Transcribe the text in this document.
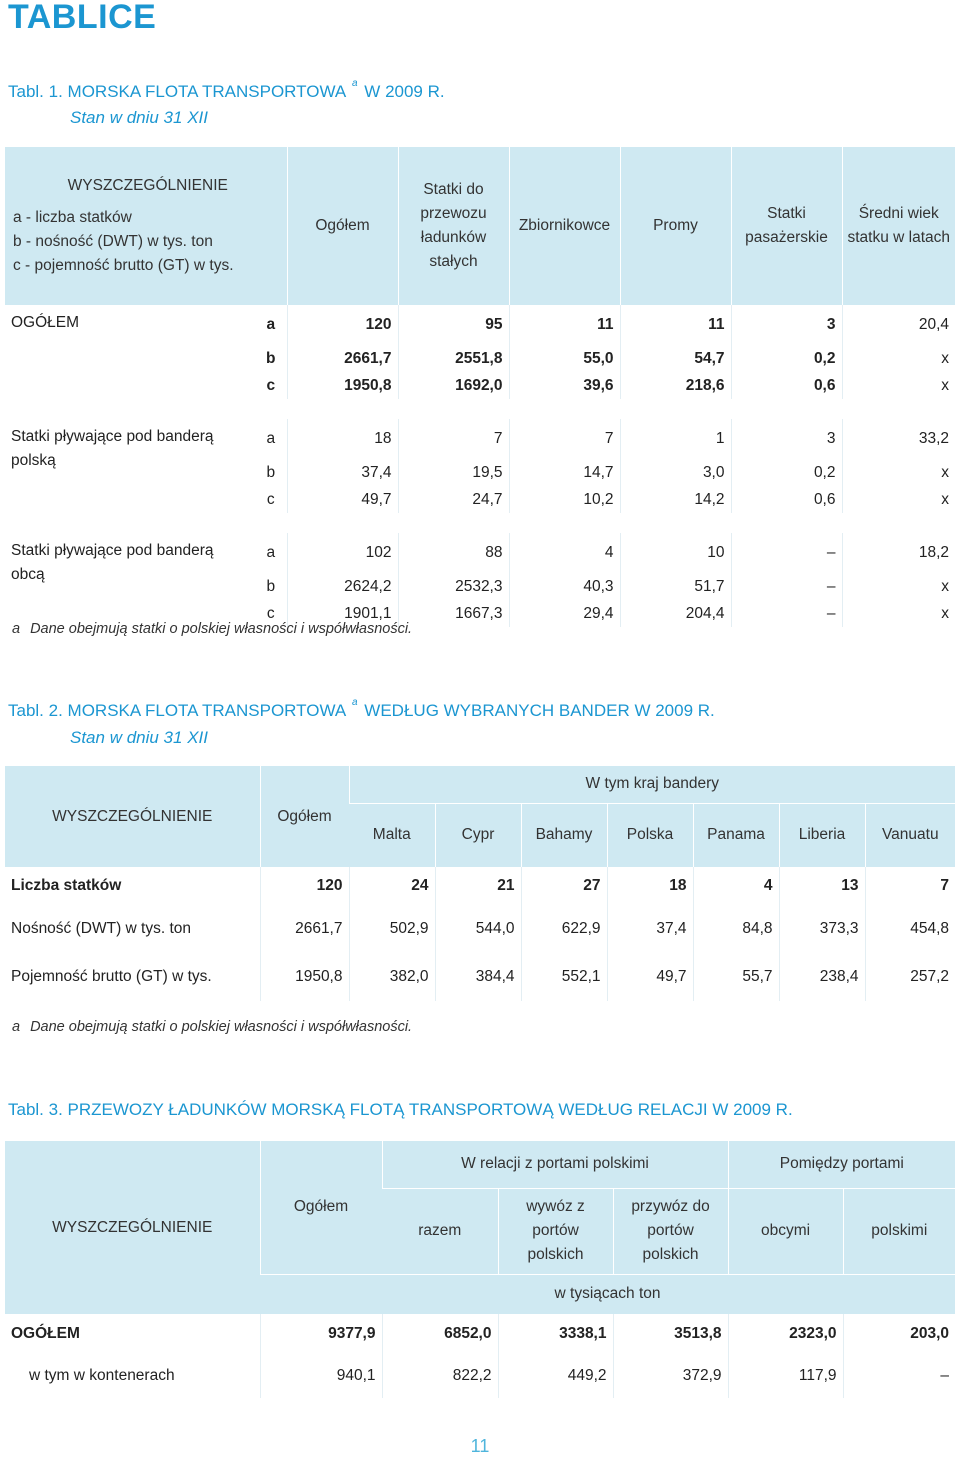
TABLICE
Tabl. 1. MORSKA FLOTA TRANSPORTOWA $^a$ W 2009 R.
Stan w dniu 31 XII
WYSZCZEGÓLNIENIE
a - liczba statków
b - nośność (DWT) w tys. ton
c - pojemność brutto (GT) w tys.		Ogółem	Statki do przewozu ładunków stałych	Zbiornikowce	Promy	Statki pasażerskie	Średni wiek statku w latach
OGÓŁEM	a	120	95	11	11	3	20,4
	b	2661,7	2551,8	55,0	54,7	0,2	x
	c	1950,8	1692,0	39,6	218,6	0,6	x

Statki pływające pod banderą polską	a	18	7	7	1	3	33,2
	b	37,4	19,5	14,7	3,0	0,2	x
	c	49,7	24,7	10,2	14,2	0,6	x

Statki pływające pod banderą obcą	a	102	88	4	10	–	18,2
	b	2624,2	2532,3	40,3	51,7	–	x
	c	1901,1	1667,3	29,4	204,4	–	x
a Dane obejmują statki o polskiej własności i współwłasności.
Tabl. 2. MORSKA FLOTA TRANSPORTOWA $^a$ WEDŁUG WYBRANYCH BANDER W 2009 R.
Stan w dniu 31 XII
WYSZCZEGÓLNIENIE	Ogółem	W tym kraj bandery						
		Malta	Cypr	Bahamy	Polska	Panama	Liberia	Vanuatu
Liczba statków	120	24	21	27	18	4	13	7
Nośność (DWT) w tys. ton	2661,7	502,9	544,0	622,9	37,4	84,8	373,3	454,8
Pojemność brutto (GT) w tys.	1950,8	382,0	384,4	552,1	49,7	55,7	238,4	257,2
a Dane obejmują statki o polskiej własności i współwłasności.
Tabl. 3. PRZEWOZY ŁADUNKÓW MORSKĄ FLOTĄ TRANSPORTOWĄ WEDŁUG RELACJI W 2009 R.
WYSZCZEGÓLNIENIE	Ogółem	W relacji z portami polskimi			Pomiędzy portami	
		razem	wywóz z portów polskich	przywóz do portów polskich	obcymi	polskimi
	w tysiącach ton					
OGÓŁEM	9377,9	6852,0	3338,1	3513,8	2323,0	203,0
w tym w kontenerach	940,1	822,2	449,2	372,9	117,9	–
11
